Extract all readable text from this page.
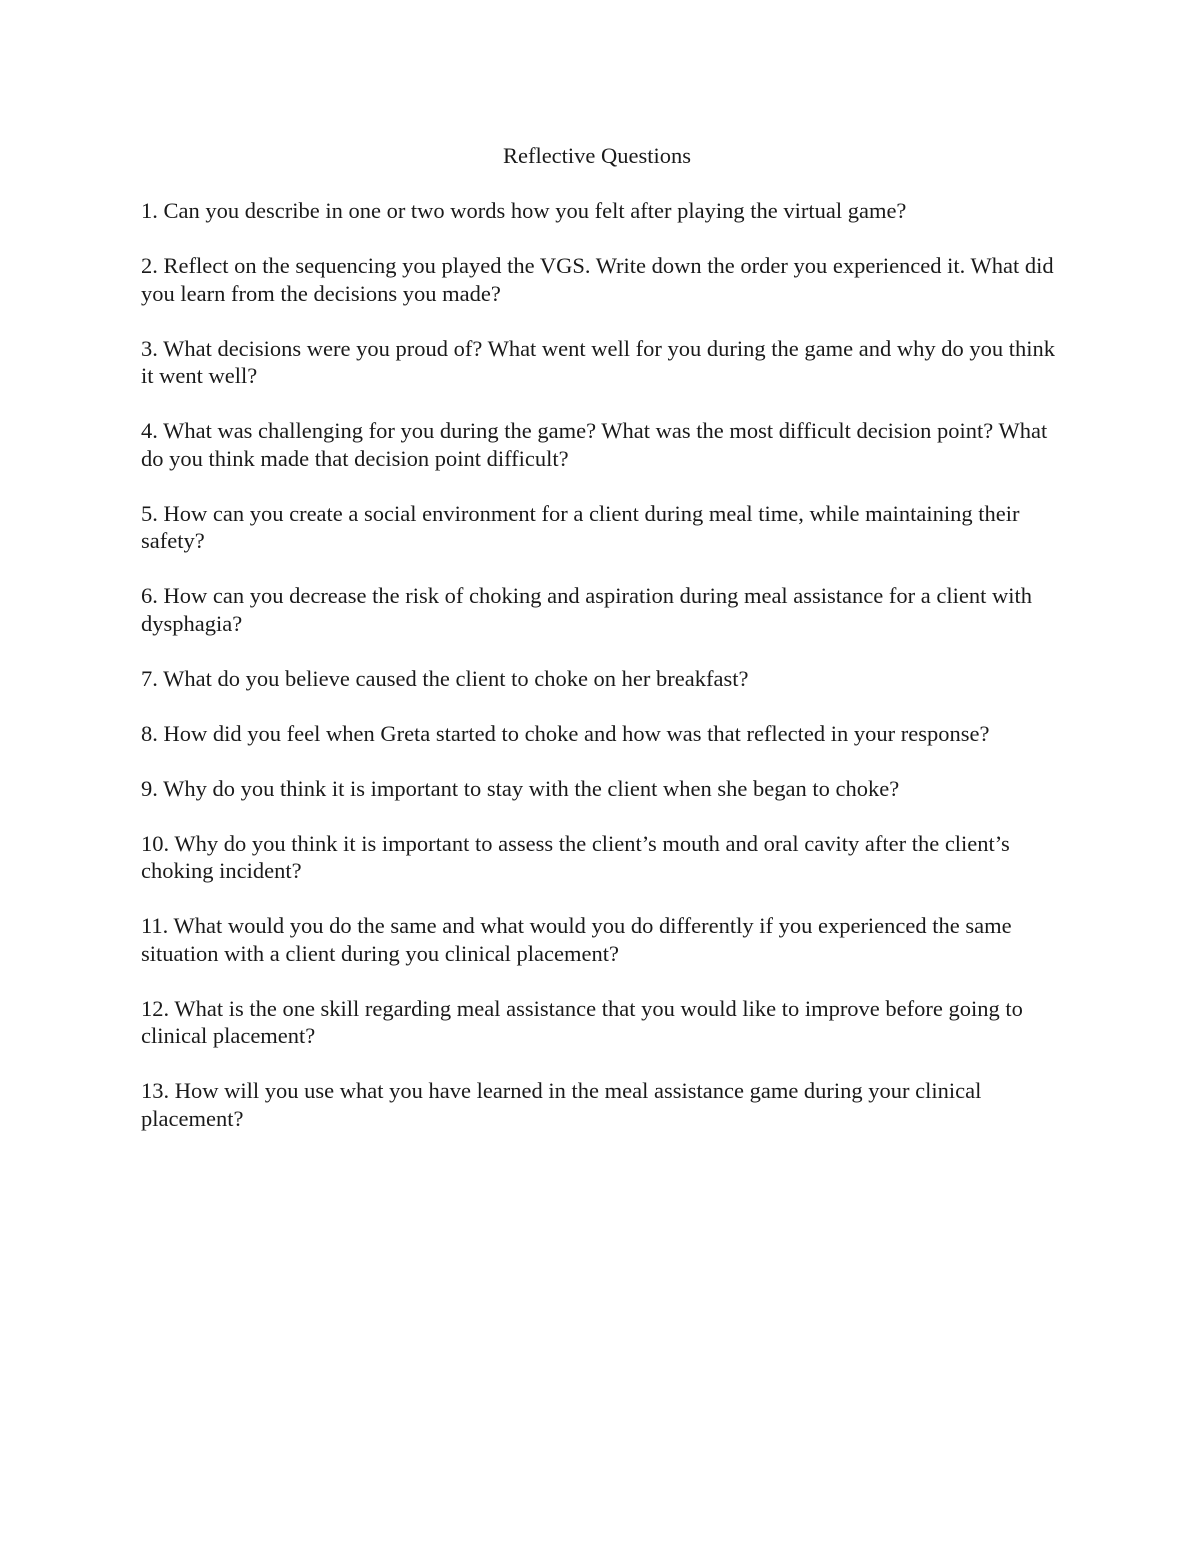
Reflective Questions
1. Can you describe in one or two words how you felt after playing the virtual game?
2. Reflect on the sequencing you played the VGS. Write down the order you experienced it. What did you learn from the decisions you made?
3. What decisions were you proud of? What went well for you during the game and why do you think it went well?
4. What was challenging for you during the game? What was the most difficult decision point? What do you think made that decision point difficult?
5. How can you create a social environment for a client during meal time, while maintaining their safety?
6. How can you decrease the risk of choking and aspiration during meal assistance for a client with dysphagia?
7. What do you believe caused the client to choke on her breakfast?
8. How did you feel when Greta started to choke and how was that reflected in your response?
9. Why do you think it is important to stay with the client when she began to choke?
10. Why do you think it is important to assess the client’s mouth and oral cavity after the client’s choking incident?
11. What would you do the same and what would you do differently if you experienced the same situation with a client during you clinical placement?
12. What is the one skill regarding meal assistance that you would like to improve before going to clinical placement?
13. How will you use what you have learned in the meal assistance game during your clinical placement?
